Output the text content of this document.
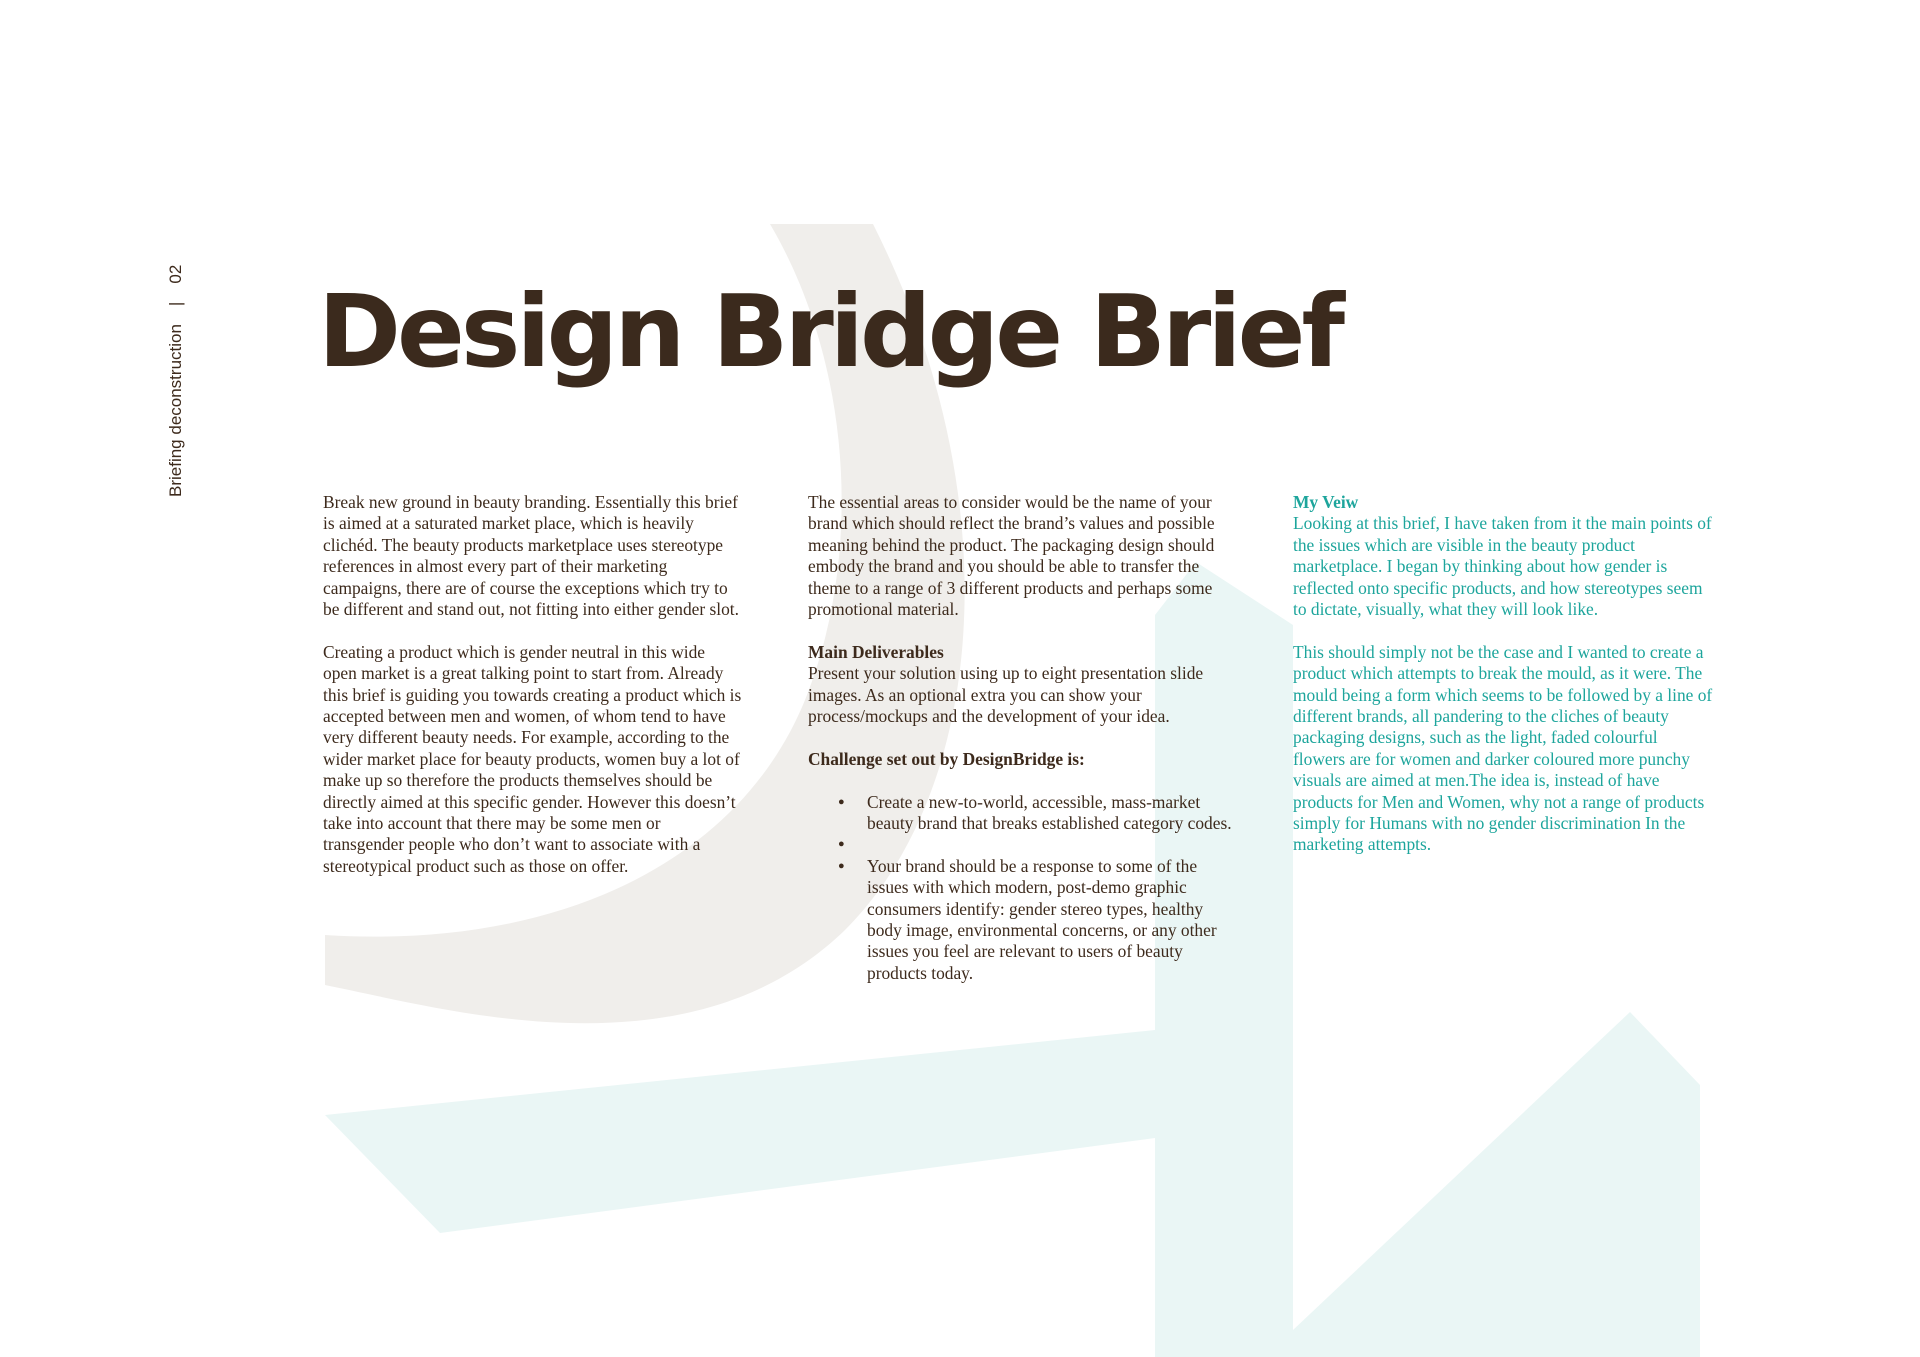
Briefing deconstruction|02 Design Bridge Brief

Break new ground in beauty branding. Essentially this brief is aimed at a saturated market place, which is heavily clichéd. The beauty products marketplace uses stereotype references in almost every part of their marketing campaigns, there are of course the exceptions which try to be different and stand out, not fitting into either gender slot.

Creating a product which is gender neutral in this wide open market is a great talking point to start from. Already this brief is guiding you towards creating a product which is accepted between men and women, of whom tend to have very different beauty needs. For example, according to the wider market place for beauty products, women buy a lot of make up so therefore the products themselves should be directly aimed at this specific gender. However this doesn’t take into account that there may be some men or transgender people who don’t want to associate with a stereotypical product such as those on offer.

The essential areas to consider would be the name of your brand which should reflect the brand’s values and possible meaning behind the product. The packaging design should embody the brand and you should be able to transfer the theme to a range of 3 different products and perhaps some promotional material.

Main Deliverables

Present your solution using up to eight presentation slide images. As an optional extra you can show your process/mockups and the development of your idea.

Challenge set out by DesignBridge is:

● Create a new-to-world, accessible, mass-market beauty brand that breaks established category codes.
●
● Your brand should be a response to some of the issues with which modern, post-demo graphic consumers identify: gender stereo types, healthy body image, environmental concerns, or any other issues you feel are relevant to users of beauty products today.

My Veiw

Looking at this brief, I have taken from it the main points of the issues which are visible in the beauty product marketplace. I began by thinking about how gender is reflected onto specific products, and how stereotypes seem to dictate, visually, what they will look like.

This should simply not be the case and I wanted to create a product which attempts to break the mould, as it were. The mould being a form which seems to be followed by a line of different brands, all pandering to the cliches of beauty packaging designs, such as the light, faded colourful flowers are for women and darker coloured more punchy visuals are aimed at men.The idea is, instead of have products for Men and Women, why not a range of products simply for Humans with no gender discrimination In the marketing attempts.
